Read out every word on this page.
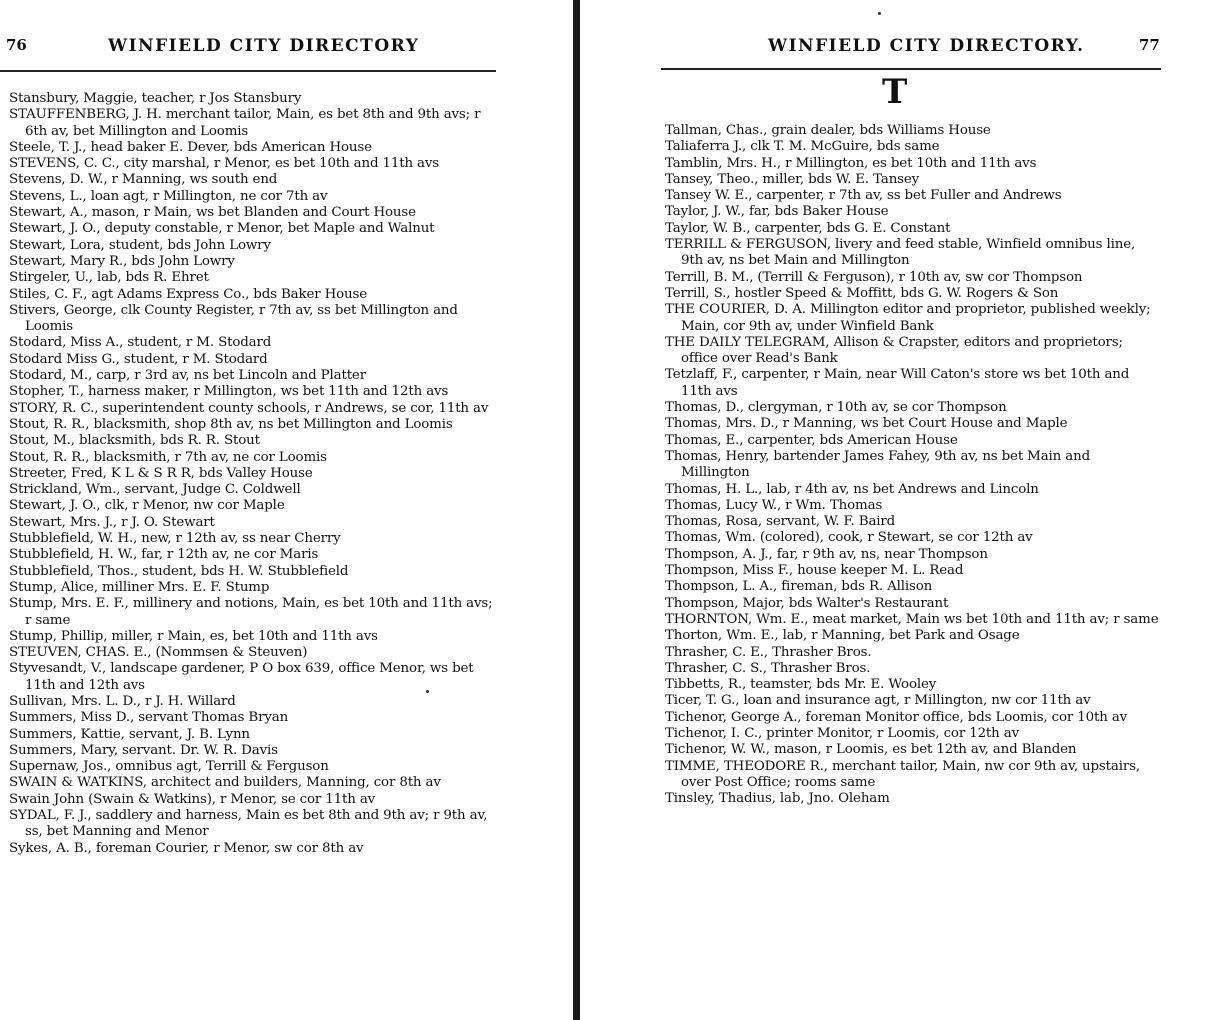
76	WINFIELD CITY DIRECTORY
Stansbury, Maggie, teacher, r Jos Stansbury
STAUFFENBERG, J. H. merchant tailor, Main, es bet 8th and 9th avs; r 6th av, bet Millington and Loomis
Steele, T. J., head baker E. Dever, bds American House
STEVENS, C. C., city marshal, r Menor, es bet 10th and 11th avs
Stevens, D. W., r Manning, ws south end
Stevens, L., loan agt, r Millington, ne cor 7th av
Stewart, A., mason, r Main, ws bet Blanden and Court House
Stewart, J. O., deputy constable, r Menor, bet Maple and Walnut
Stewart, Lora, student, bds John Lowry
Stewart, Mary R., bds John Lowry
Stirgeler, U., lab, bds R. Ehret
Stiles, C. F., agt Adams Express Co., bds Baker House
Stivers, George, clk County Register, r 7th av, ss bet Millington and Loomis
Stodard, Miss A., student, r M. Stodard
Stodard Miss G., student, r M. Stodard
Stodard, M., carp, r 3rd av, ns bet Lincoln and Platter
Stopher, T., harness maker, r Millington, ws bet 11th and 12th avs
STORY, R. C., superintendent county schools, r Andrews, se cor, 11th av
Stout, R. R., blacksmith, shop 8th av, ns bet Millington and Loomis
Stout, M., blacksmith, bds R. R. Stout
Stout, R. R., blacksmith, r 7th av, ne cor Loomis
Streeter, Fred, K L & S R R, bds Valley House
Strickland, Wm., servant, Judge C. Coldwell
Stewart, J. O., clk, r Menor, nw cor Maple
Stewart, Mrs. J., r J. O. Stewart
Stubblefield, W. H., new, r 12th av, ss near Cherry
Stubblefield, H. W., far, r 12th av, ne cor Maris
Stubblefield, Thos., student, bds H. W. Stubblefield
Stump, Alice, milliner Mrs. E. F. Stump
Stump, Mrs. E. F., millinery and notions, Main, es bet 10th and 11th avs; r same
Stump, Phillip, miller, r Main, es, bet 10th and 11th avs
STEUVEN, CHAS. E., (Nommsen & Steuven)
Styvesandt, V., landscape gardener, P O box 639, office Menor, ws bet 11th and 12th avs
Sullivan, Mrs. L. D., r J. H. Willard
Summers, Miss D., servant Thomas Bryan
Summers, Kattie, servant, J. B. Lynn
Summers, Mary, servant. Dr. W. R. Davis
Supernaw, Jos., omnibus agt, Terrill & Ferguson
SWAIN & WATKINS, architect and builders, Manning, cor 8th av
Swain John (Swain & Watkins), r Menor, se cor 11th av
SYDAL, F. J., saddlery and harness, Main es bet 8th and 9th av; r 9th av, ss, bet Manning and Menor
Sykes, A. B., foreman Courier, r Menor, sw cor 8th av
WINFIELD CITY DIRECTORY.	77
T
Tallman, Chas., grain dealer, bds Williams House
Taliaferra J., clk T. M. McGuire, bds same
Tamblin, Mrs. H., r Millington, es bet 10th and 11th avs
Tansey, Theo., miller, bds W. E. Tansey
Tansey W. E., carpenter, r 7th av, ss bet Fuller and Andrews
Taylor, J. W., far, bds Baker House
Taylor, W. B., carpenter, bds G. E. Constant
TERRILL & FERGUSON, livery and feed stable, Winfield omnibus line, 9th av, ns bet Main and Millington
Terrill, B. M., (Terrill & Ferguson), r 10th av, sw cor Thompson
Terrill, S., hostler Speed & Moffitt, bds G. W. Rogers & Son
THE COURIER, D. A. Millington editor and proprietor, published weekly; Main, cor 9th av, under Winfield Bank
THE DAILY TELEGRAM, Allison & Crapster, editors and proprietors; office over Read's Bank
Tetzlaff, F., carpenter, r Main, near Will Caton's store ws bet 10th and 11th avs
Thomas, D., clergyman, r 10th av, se cor Thompson
Thomas, Mrs. D., r Manning, ws bet Court House and Maple
Thomas, E., carpenter, bds American House
Thomas, Henry, bartender James Fahey, 9th av, ns bet Main and Millington
Thomas, H. L., lab, r 4th av, ns bet Andrews and Lincoln
Thomas, Lucy W., r Wm. Thomas
Thomas, Rosa, servant, W. F. Baird
Thomas, Wm. (colored), cook, r Stewart, se cor 12th av
Thompson, A. J., far, r 9th av, ns, near Thompson
Thompson, Miss F., house keeper M. L. Read
Thompson, L. A., fireman, bds R. Allison
Thompson, Major, bds Walter's Restaurant
THORNTON, Wm. E., meat market, Main ws bet 10th and 11th av; r same
Thorton, Wm. E., lab, r Manning, bet Park and Osage
Thrasher, C. E., Thrasher Bros.
Thrasher, C. S., Thrasher Bros.
Tibbetts, R., teamster, bds Mr. E. Wooley
Ticer, T. G., loan and insurance agt, r Millington, nw cor 11th av
Tichenor, George A., foreman Monitor office, bds Loomis, cor 10th av
Tichenor, I. C., printer Monitor, r Loomis, cor 12th av
Tichenor, W. W., mason, r Loomis, es bet 12th av, and Blanden
TIMME, THEODORE R., merchant tailor, Main, nw cor 9th av, upstairs, over Post Office; rooms same
Tinsley, Thadius, lab, Jno. Oleham
